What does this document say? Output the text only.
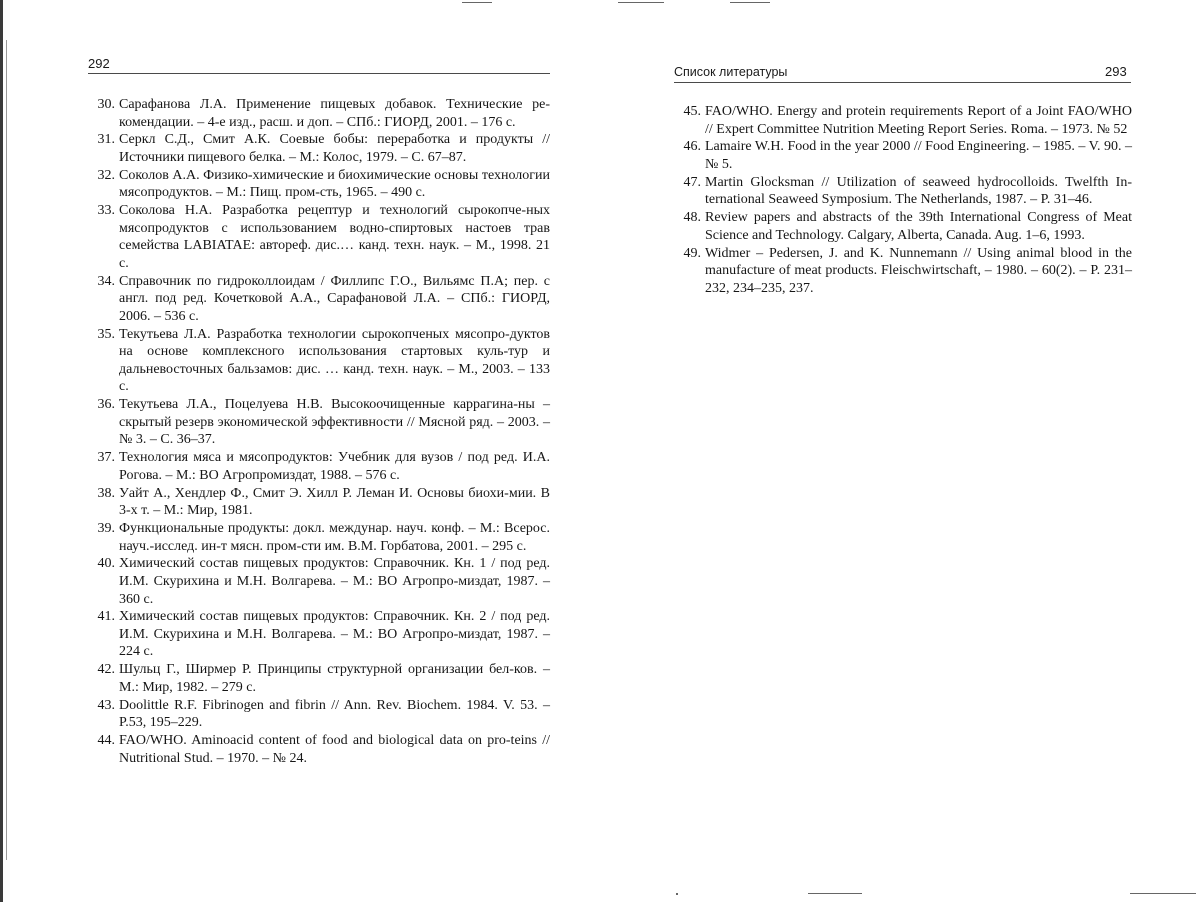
292
30. Сарафанова Л.А. Применение пищевых добавок. Технические ре-комендации. – 4-е изд., расш. и доп. – СПб.: ГИОРД, 2001. – 176 с.
31. Серкл С.Д., Смит А.К. Соевые бобы: переработка и продукты // Источники пищевого белка. – М.: Колос, 1979. – С. 67–87.
32. Соколов А.А. Физико-химические и биохимические основы технологии мясопродуктов. – М.: Пищ. пром-сть, 1965. – 490 с.
33. Соколова Н.А. Разработка рецептур и технологий сырокопче-ных мясопродуктов с использованием водно-спиртовых настоев трав семейства LABIATAE: автореф. дис.… канд. техн. наук. – М., 1998. 21 с.
34. Справочник по гидроколлоидам / Филлипс Г.О., Вильямс П.А; пер. с англ. под ред. Кочетковой А.А., Сарафановой Л.А. – СПб.: ГИОРД, 2006. – 536 с.
35. Текутьева Л.А. Разработка технологии сырокопченых мясопро-дуктов на основе комплексного использования стартовых куль-тур и дальневосточных бальзамов: дис. … канд. техн. наук. – М., 2003. – 133 с.
36. Текутьева Л.А., Поцелуева Н.В. Высокоочищенные каррагина-ны – скрытый резерв экономической эффективности // Мясной ряд. – 2003. – № 3. – С. 36–37.
37. Технология мяса и мясопродуктов: Учебник для вузов / под ред. И.А. Рогова. – М.: ВО Агропромиздат, 1988. – 576 с.
38. Уайт А., Хендлер Ф., Смит Э. Хилл Р. Леман И. Основы биохи-мии. В 3-х т. – М.: Мир, 1981.
39. Функциональные продукты: докл. междунар. науч. конф. – М.: Всерос. науч.-исслед. ин-т мясн. пром-сти им. В.М. Горбатова, 2001. – 295 с.
40. Химический состав пищевых продуктов: Справочник. Кн. 1 / под ред. И.М. Скурихина и М.Н. Волгарева. – М.: ВО Агропро-миздат, 1987. – 360 с.
41. Химический состав пищевых продуктов: Справочник. Кн. 2 / под ред. И.М. Скурихина и М.Н. Волгарева. – М.: ВО Агропро-миздат, 1987. – 224 с.
42. Шульц Г., Ширмер Р. Принципы структурной организации бел-ков. – М.: Мир, 1982. – 279 с.
43. Doolittle R.F. Fibrinogen and fibrin // Ann. Rev. Biochem. 1984. V. 53. – P.53, 195–229.
44. FAO/WHO. Aminoacid content of food and biological data on pro-teins // Nutritional Stud. – 1970. – № 24.
Список литературы	293
45. FAO/WHO. Energy and protein requirements Report of a Joint FAO/WHO // Expert Committee Nutrition Meeting Report Series. Roma. – 1973. № 52
46. Lamaire W.H. Food in the year 2000 // Food Engineering. – 1985. – V. 90. – № 5.
47. Martin Glocksman // Utilization of seaweed hydrocolloids. Twelfth In-ternational Seaweed Symposium. The Netherlands, 1987. – P. 31–46.
48. Review papers and abstracts of the 39th International Congress of Meat Science and Technology. Calgary, Alberta, Canada. Aug. 1–6, 1993.
49. Widmer – Pedersen, J. and K. Nunnemann // Using animal blood in the manufacture of meat products. Fleischwirtschaft, – 1980. – 60(2). – P. 231–232, 234–235, 237.
